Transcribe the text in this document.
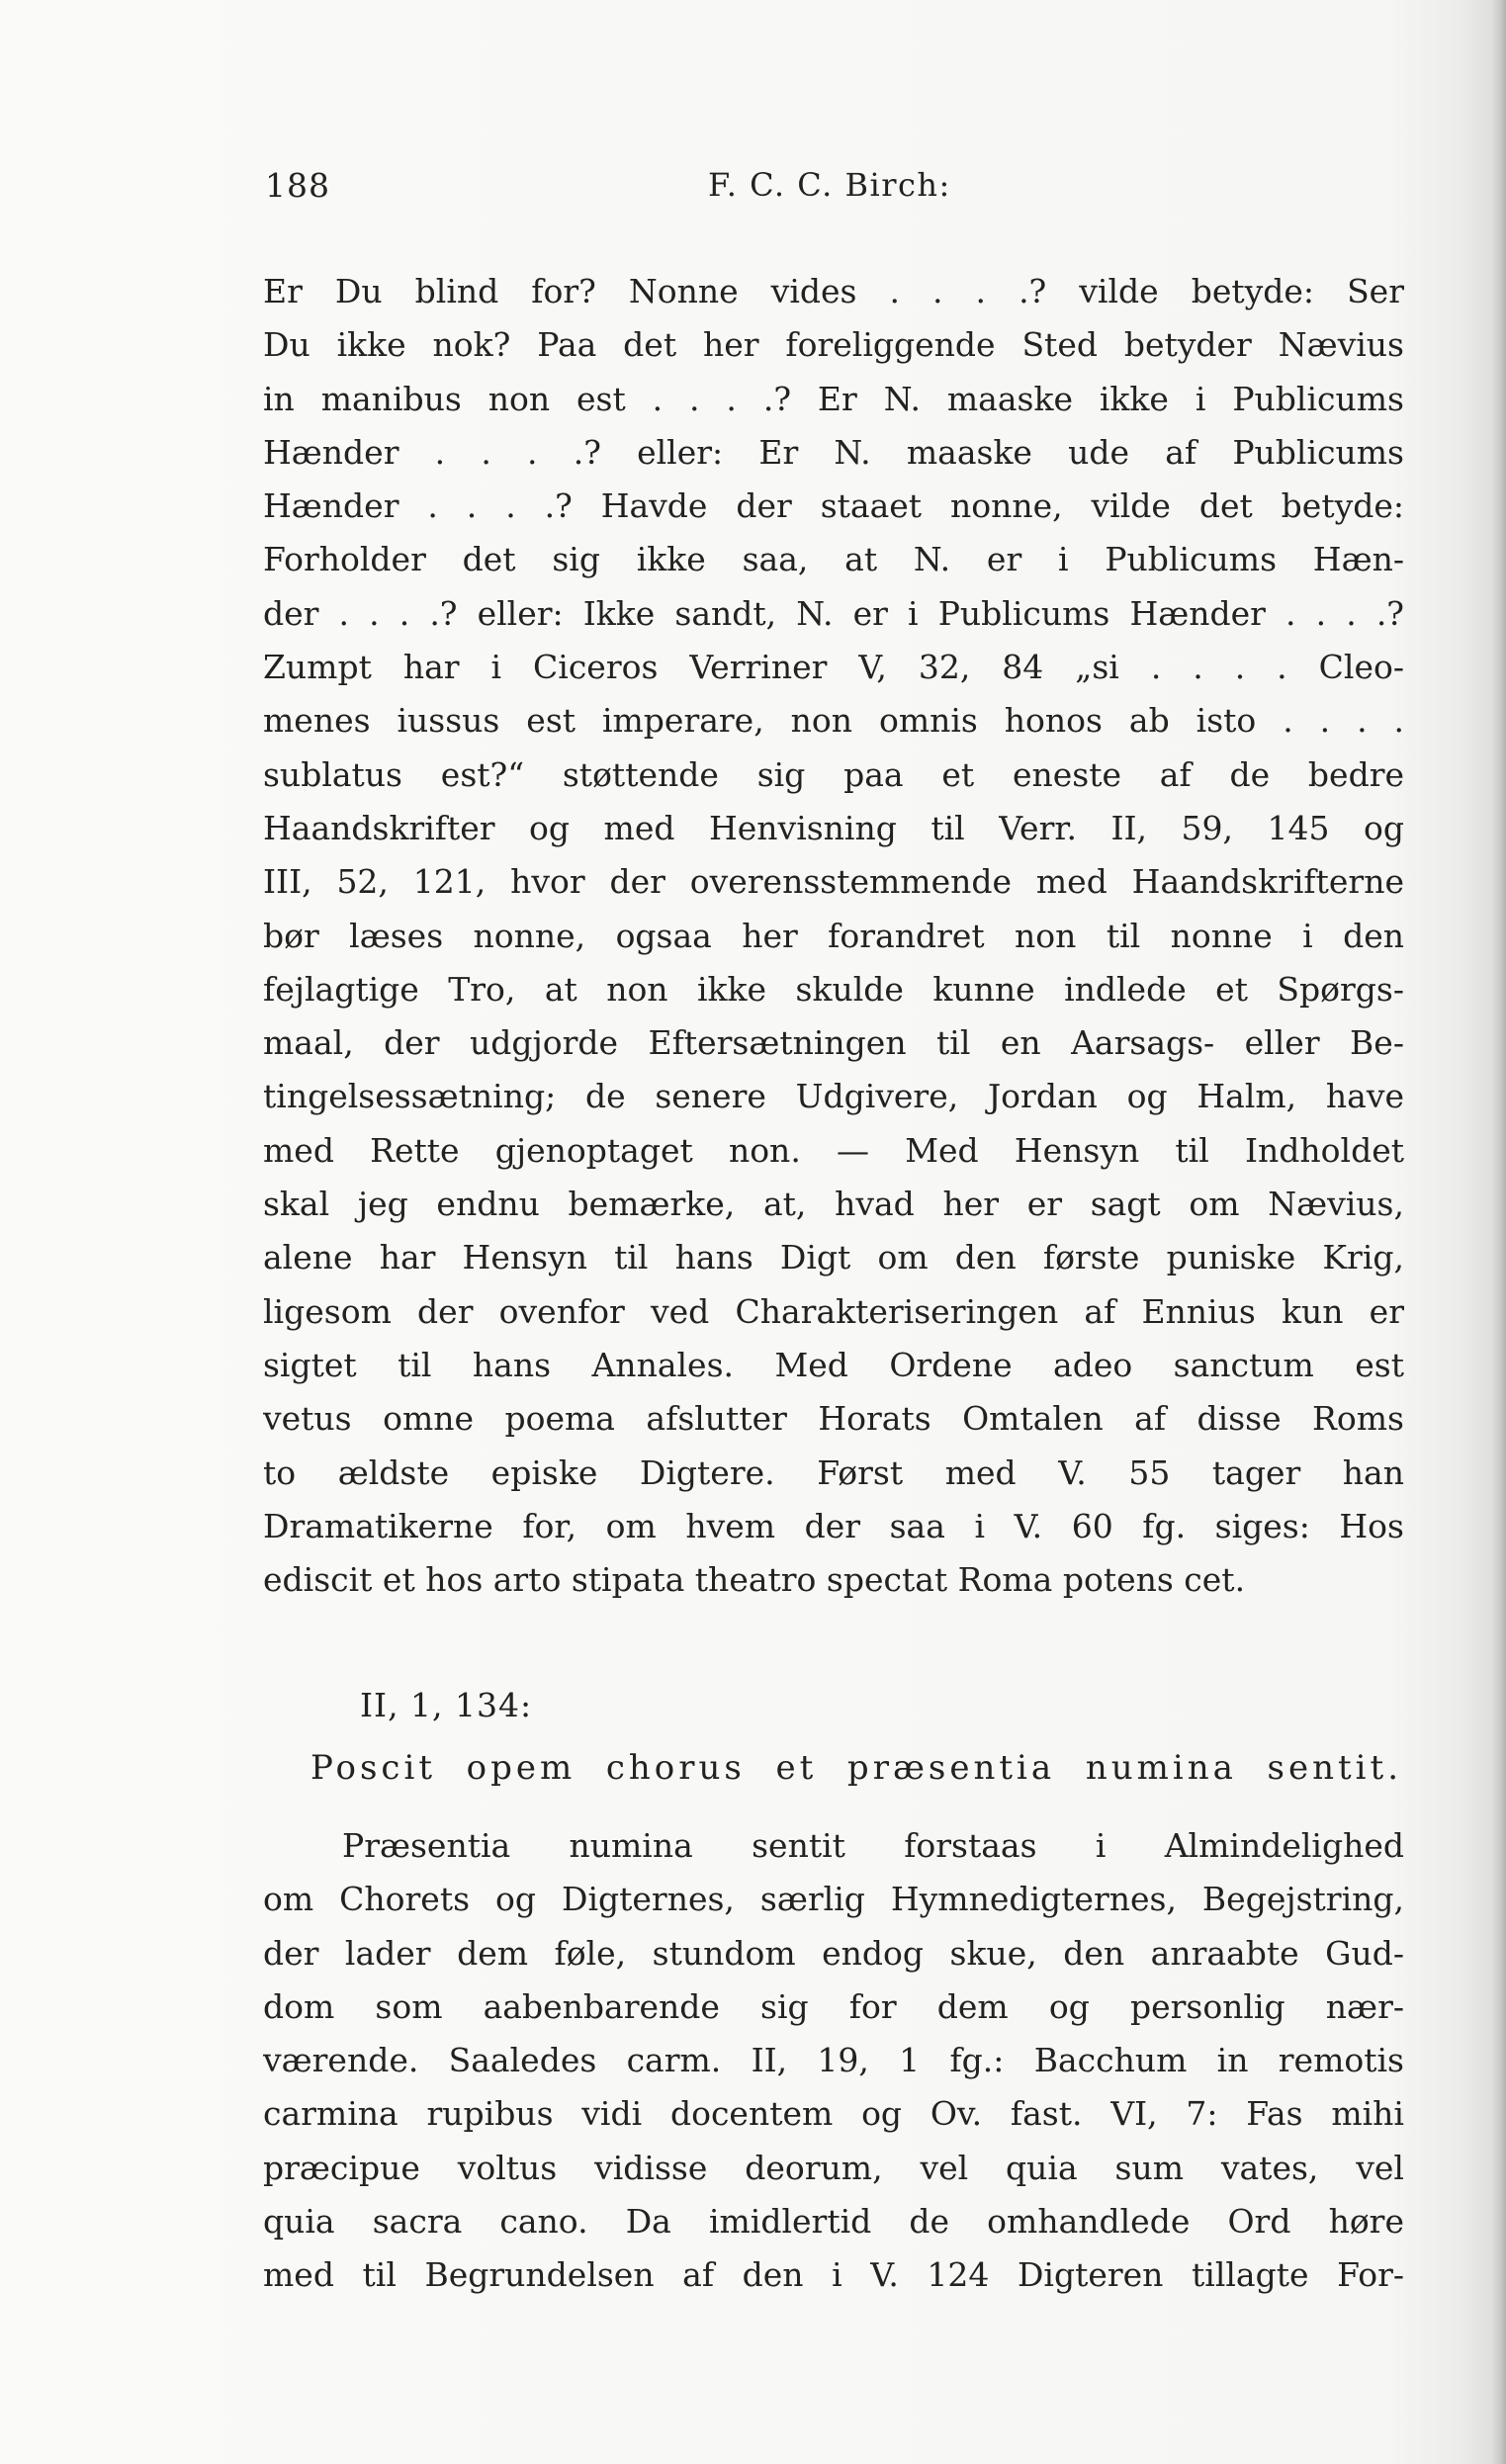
188	F. C. C. Birch:
Er Du blind for? Nonne vides . . . .? vilde betyde: Ser
Du ikke nok? Paa det her foreliggende Sted betyder Nævius
in manibus non est . . . .? Er N. maaske ikke i Publicums
Hænder . . . .? eller: Er N. maaske ude af Publicums
Hænder . . . .? Havde der staaet nonne, vilde det betyde:
Forholder det sig ikke saa, at N. er i Publicums Hæn-
der . . . .? eller: Ikke sandt, N. er i Publicums Hænder . . . .?
Zumpt har i Ciceros Verriner V, 32, 84 „si . . . . Cleo-
menes iussus est imperare, non omnis honos ab isto . . . .
sublatus est?“ støttende sig paa et eneste af de bedre
Haandskrifter og med Henvisning til Verr. II, 59, 145 og
III, 52, 121, hvor der overensstemmende med Haandskrifterne
bør læses nonne, ogsaa her forandret non til nonne i den
fejlagtige Tro, at non ikke skulde kunne indlede et Spørgs-
maal, der udgjorde Eftersætningen til en Aarsags- eller Be-
tingelsessætning; de senere Udgivere, Jordan og Halm, have
med Rette gjenoptaget non. — Med Hensyn til Indholdet
skal jeg endnu bemærke, at, hvad her er sagt om Nævius,
alene har Hensyn til hans Digt om den første puniske Krig,
ligesom der ovenfor ved Charakteriseringen af Ennius kun er
sigtet til hans Annales. Med Ordene adeo sanctum est
vetus omne poema afslutter Horats Omtalen af disse Roms
to ældste episke Digtere. Først med V. 55 tager han
Dramatikerne for, om hvem der saa i V. 60 fg. siges: Hos
ediscit et hos arto stipata theatro spectat Roma potens cet.
II, 1, 134:
Poscit opem chorus et præsentia numina sentit.
Præsentia numina sentit forstaas i Almindelighed
om Chorets og Digternes, særlig Hymnedigternes, Begejstring,
der lader dem føle, stundom endog skue, den anraabte Gud-
dom som aabenbarende sig for dem og personlig nær-
værende. Saaledes carm. II, 19, 1 fg.: Bacchum in remotis
carmina rupibus vidi docentem og Ov. fast. VI, 7: Fas mihi
præcipue voltus vidisse deorum, vel quia sum vates, vel
quia sacra cano. Da imidlertid de omhandlede Ord høre
med til Begrundelsen af den i V. 124 Digteren tillagte For-
